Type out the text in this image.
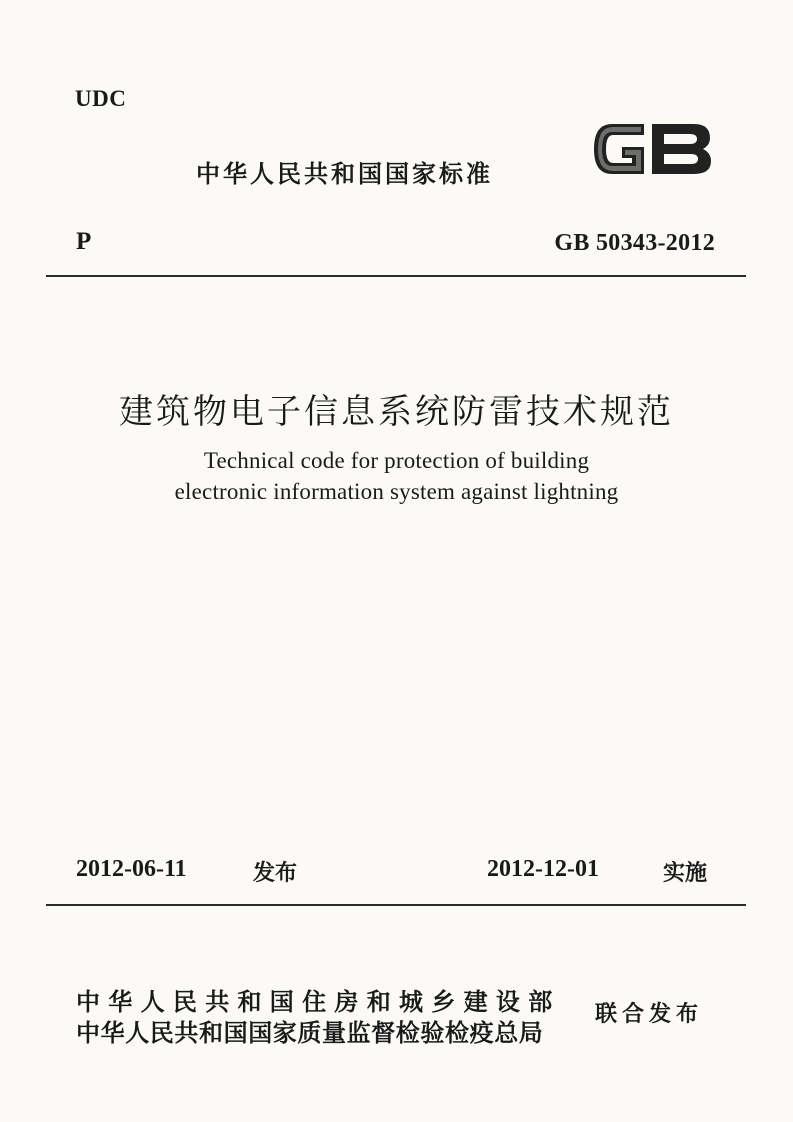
UDC
中华人民共和国国家标准
P	GB 50343-2012
建筑物电子信息系统防雷技术规范
Technical code for protection of building
electronic information system against lightning
2012-06-11	发布	2012-12-01	实施
中华人民共和国住房和城乡建设部
中华人民共和国国家质量监督检验检疫总局
联合发布
